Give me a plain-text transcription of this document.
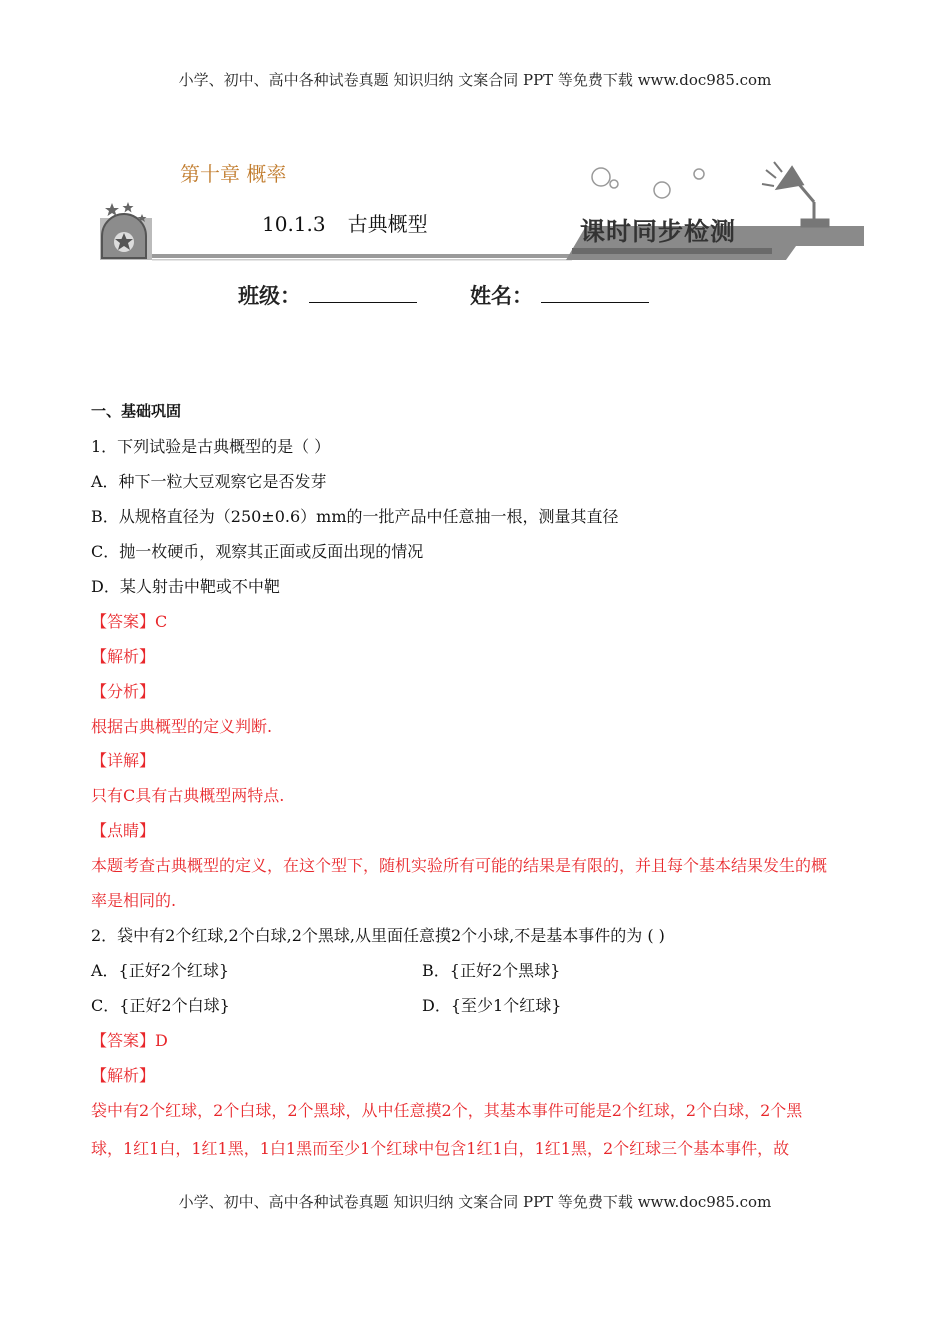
小学、初中、高中各种试卷真题 知识归纳 文案合同 PPT 等免费下载 www.doc985.com
第十章 概率
10.1.3 古典概型	课时同步检测
班级：	姓名：
一、基础巩固
1．下列试验是古典概型的是（ ）
A．种下一粒大豆观察它是否发芽
B．从规格直径为（250±0.6）mm的一批产品中任意抽一根，测量其直径
C．抛一枚硬币，观察其正面或反面出现的情况
D．某人射击中靶或不中靶
【答案】C
【解析】
【分析】
根据古典概型的定义判断.
【详解】
只有C具有古典概型两特点.
【点睛】
本题考查古典概型的定义，在这个型下，随机实验所有可能的结果是有限的，并且每个基本结果发生的概
率是相同的.
2．袋中有2个红球,2个白球,2个黑球,从里面任意摸2个小球,不是基本事件的为 ( )
A．{正好2个红球}	B．{正好2个黑球}
C．{正好2个白球}	D．{至少1个红球}
【答案】D
【解析】
袋中有2个红球，2个白球，2个黑球，从中任意摸2个，其基本事件可能是2个红球，2个白球，2个黑
球，1红1白，1红1黑，1白1黑而至少1个红球中包含1红1白，1红1黑，2个红球三个基本事件，故
小学、初中、高中各种试卷真题 知识归纳 文案合同 PPT 等免费下载 www.doc985.com
